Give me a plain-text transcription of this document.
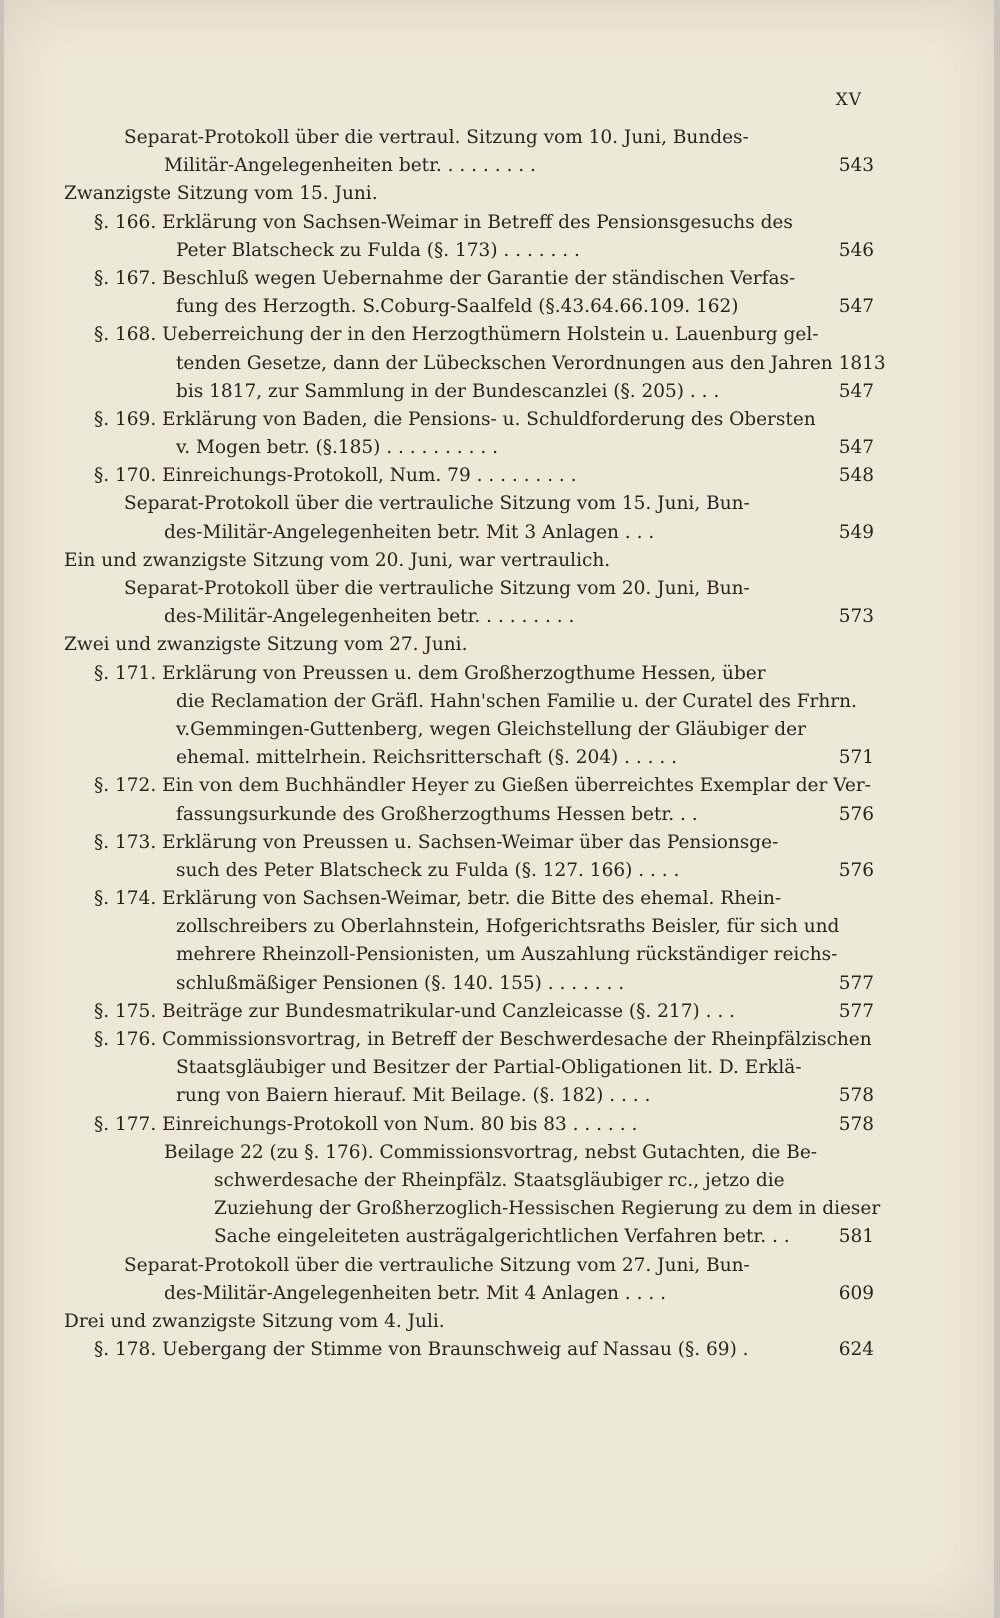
XV
Separat-Protokoll über die vertraul. Sitzung vom 10. Juni, Bundes-
Militär-Angelegenheiten betr. . . . . . . . .	543
Zwanzigste Sitzung vom 15. Juni.
§. 166. Erklärung von Sachsen-Weimar in Betreff des Pensionsgesuchs des
Peter Blatscheck zu Fulda (§. 173) . . . . . . .	546
§. 167. Beschluß wegen Uebernahme der Garantie der ständischen Verfas-
fung des Herzogth. S.Coburg-Saalfeld (§.43.64.66.109. 162)	547
§. 168. Ueberreichung der in den Herzogthümern Holstein u. Lauenburg gel-
tenden Gesetze, dann der Lübeckschen Verordnungen aus den Jahren 1813
bis 1817, zur Sammlung in der Bundescanzlei (§. 205) . . .	547
§. 169. Erklärung von Baden, die Pensions- u. Schuldforderung des Obersten
v. Mogen betr. (§.185) . . . . . . . . . .	547
§. 170. Einreichungs-Protokoll, Num. 79 . . . . . . . . .	548
Separat-Protokoll über die vertrauliche Sitzung vom 15. Juni, Bun-
des-Militär-Angelegenheiten betr. Mit 3 Anlagen . . .	549
Ein und zwanzigste Sitzung vom 20. Juni, war vertraulich.
Separat-Protokoll über die vertrauliche Sitzung vom 20. Juni, Bun-
des-Militär-Angelegenheiten betr. . . . . . . . .	573
Zwei und zwanzigste Sitzung vom 27. Juni.
§. 171. Erklärung von Preussen u. dem Großherzogthume Hessen, über
die Reclamation der Gräfl. Hahn'schen Familie u. der Curatel des Frhrn.
v.Gemmingen-Guttenberg, wegen Gleichstellung der Gläubiger der
ehemal. mittelrhein. Reichsritterschaft (§. 204) . . . . .	571
§. 172. Ein von dem Buchhändler Heyer zu Gießen überreichtes Exemplar der Ver-
fassungsurkunde des Großherzogthums Hessen betr. . .	576
§. 173. Erklärung von Preussen u. Sachsen-Weimar über das Pensionsge-
such des Peter Blatscheck zu Fulda (§. 127. 166) . . . .	576
§. 174. Erklärung von Sachsen-Weimar, betr. die Bitte des ehemal. Rhein-
zollschreibers zu Oberlahnstein, Hofgerichtsraths Beisler, für sich und
mehrere Rheinzoll-Pensionisten, um Auszahlung rückständiger reichs-
schlußmäßiger Pensionen (§. 140. 155) . . . . . . .	577
§. 175. Beiträge zur Bundesmatrikular-und Canzleicasse (§. 217) . . .	577
§. 176. Commissionsvortrag, in Betreff der Beschwerdesache der Rheinpfälzischen
Staatsgläubiger und Besitzer der Partial-Obligationen lit. D. Erklä-
rung von Baiern hierauf. Mit Beilage. (§. 182) . . . .	578
§. 177. Einreichungs-Protokoll von Num. 80 bis 83 . . . . . .	578
Beilage 22 (zu §. 176). Commissionsvortrag, nebst Gutachten, die Be-
schwerdesache der Rheinpfälz. Staatsgläubiger rc., jetzo die
Zuziehung der Großherzoglich-Hessischen Regierung zu dem in dieser
Sache eingeleiteten austrägalgerichtlichen Verfahren betr. . .	581
Separat-Protokoll über die vertrauliche Sitzung vom 27. Juni, Bun-
des-Militär-Angelegenheiten betr. Mit 4 Anlagen . . . .	609
Drei und zwanzigste Sitzung vom 4. Juli.
§. 178. Uebergang der Stimme von Braunschweig auf Nassau (§. 69) .	624
